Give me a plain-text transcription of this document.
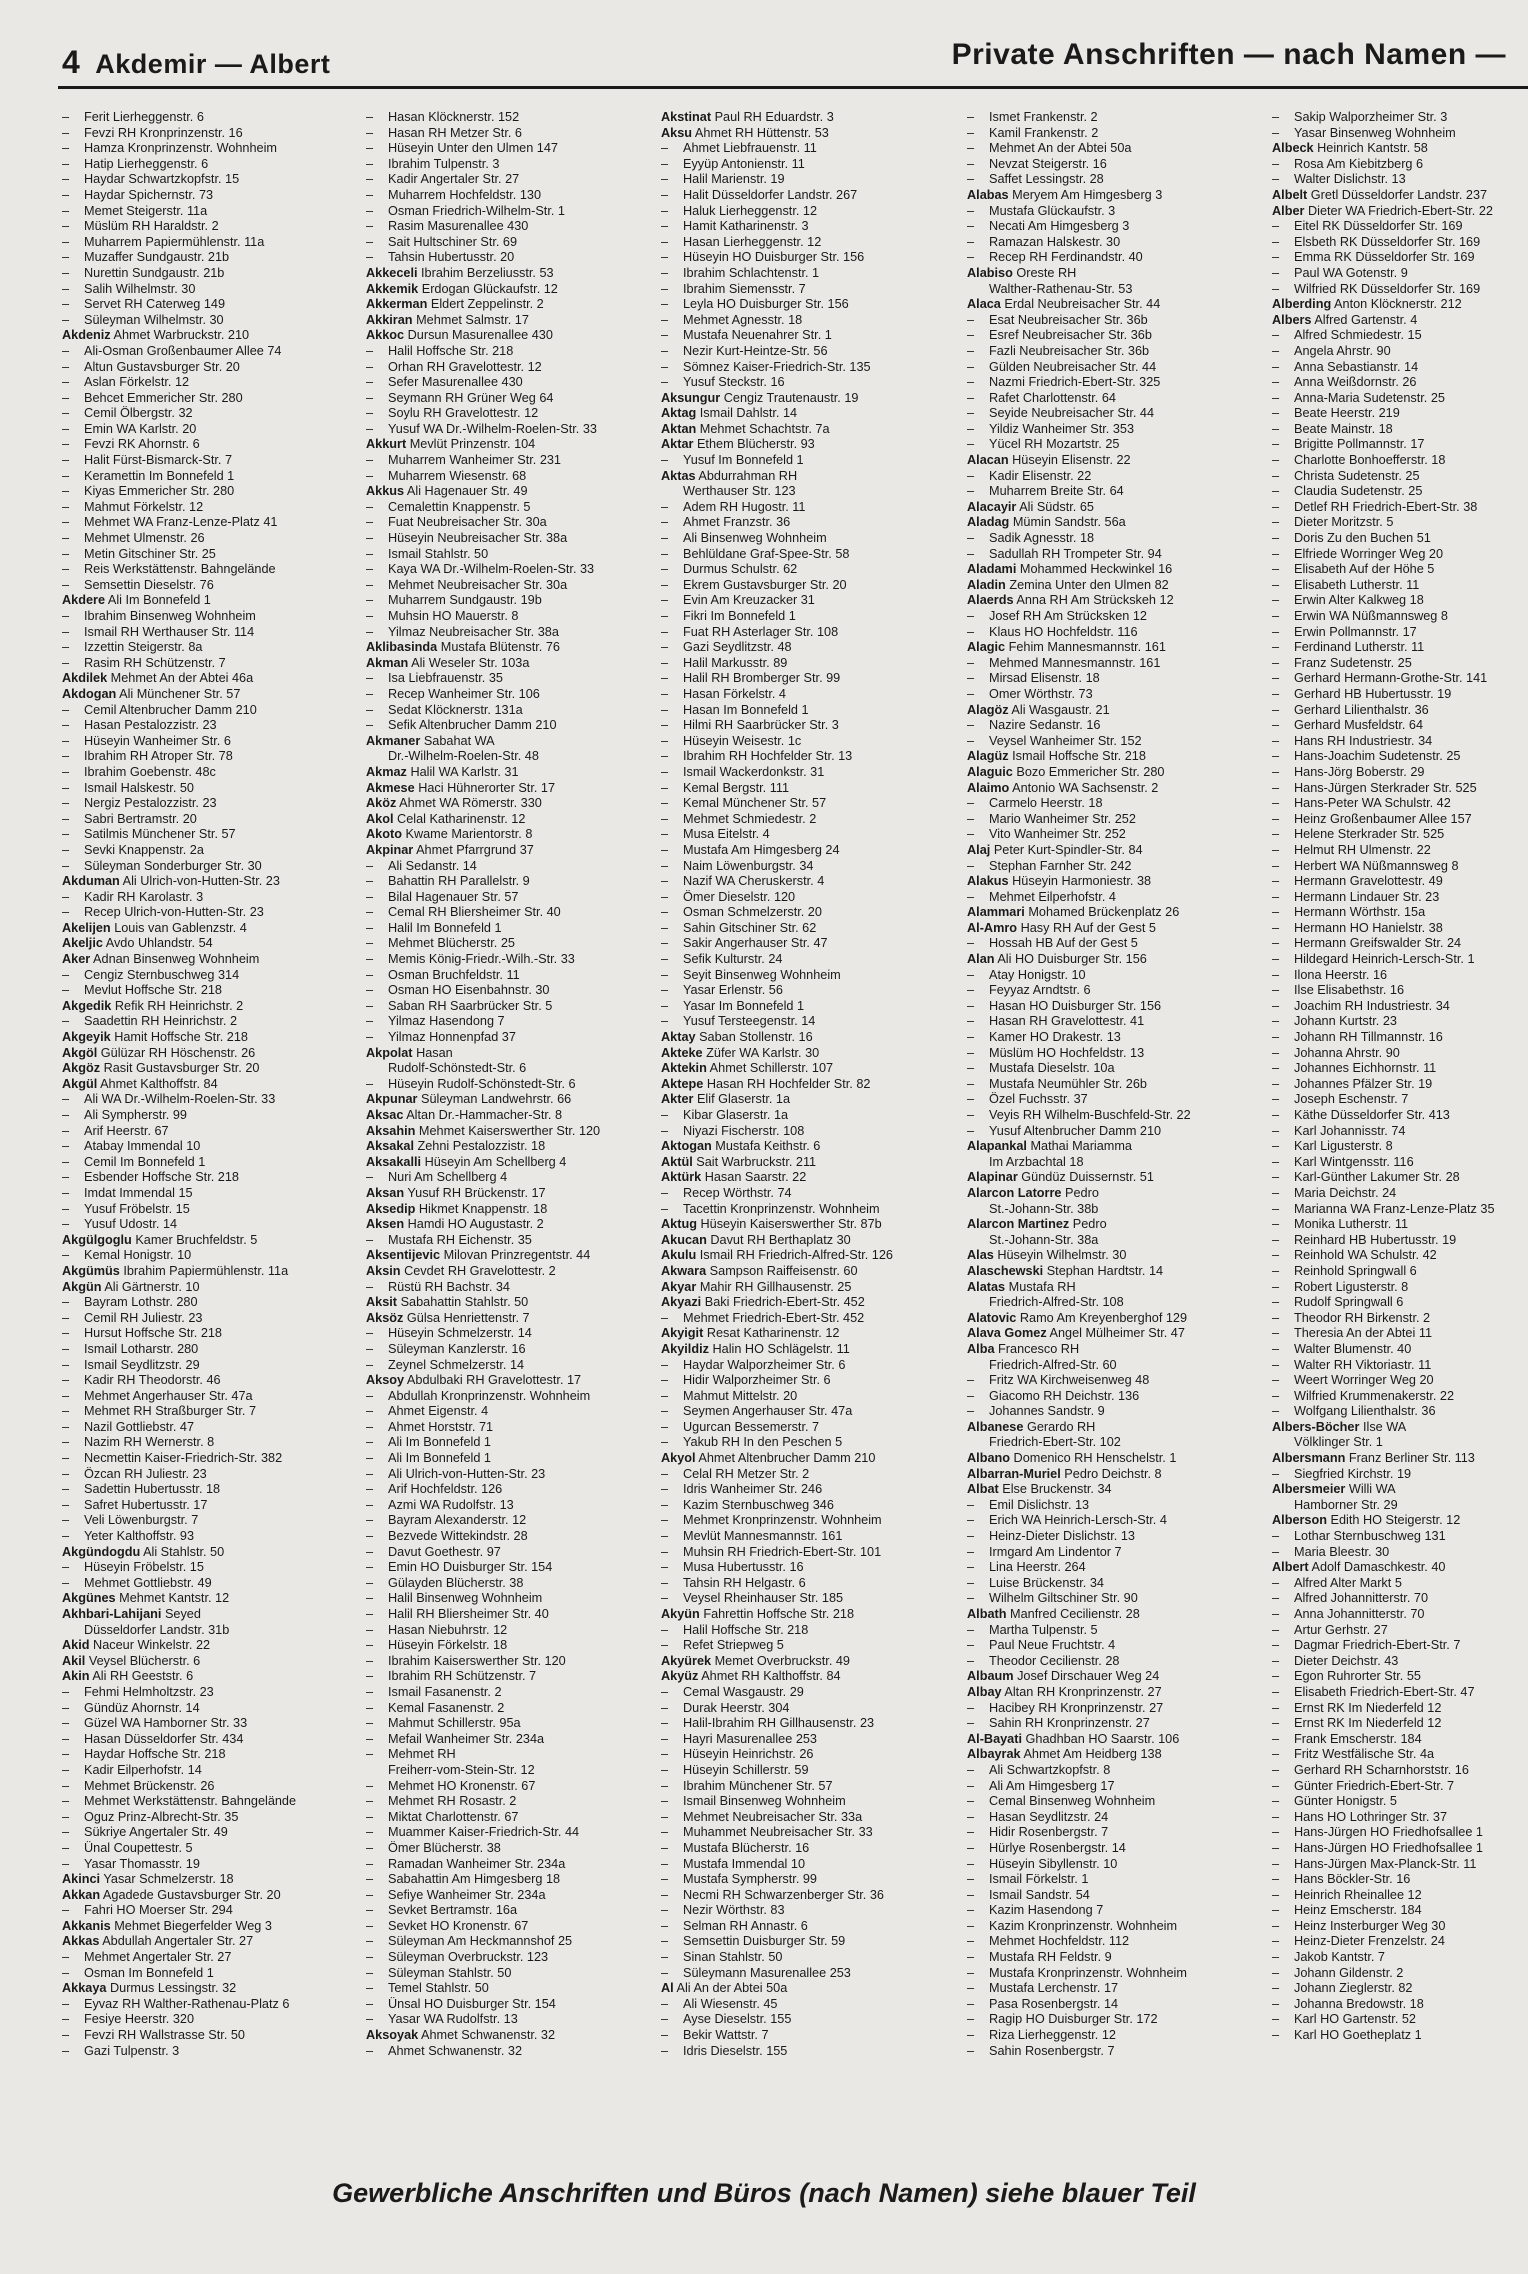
4 Akdemir — Albert	Private Anschriften — nach Namen —
– Ferit Lierheggenstr. 6
– Fevzi RH Kronprinzenstr. 16
– Hamza Kronprinzenstr. Wohnheim
– Hatip Lierheggenstr. 6
– Haydar Schwartzkopfstr. 15
– Haydar Spichernstr. 73
– Memet Steigerstr. 11a
– Müslüm RH Haraldstr. 2
– Muharrem Papiermühlenstr. 11a
– Muzaffer Sundgaustr. 21b
– Nurettin Sundgaustr. 21b
– Salih Wilhelmstr. 30
– Servet RH Caterweg 149
– Süleyman Wilhelmstr. 30
Akdeniz Ahmet Warbruckstr. 210
– Ali-Osman Großenbaumer Allee 74
– Altun Gustavsburger Str. 20
– Aslan Förkelstr. 12
– Behcet Emmericher Str. 280
– Cemil Ölbergstr. 32
– Emin WA Karlstr. 20
– Fevzi RK Ahornstr. 6
– Halit Fürst-Bismarck-Str. 7
– Keramettin Im Bonnefeld 1
– Kiyas Emmericher Str. 280
– Mahmut Förkelstr. 12
– Mehmet WA Franz-Lenze-Platz 41
– Mehmet Ulmenstr. 26
– Metin Gitschiner Str. 25
– Reis Werkstättenstr. Bahngelände
– Semsettin Dieselstr. 76
Akdere Ali Im Bonnefeld 1
– Ibrahim Binsenweg Wohnheim
– Ismail RH Werthauser Str. 114
– Izzettin Steigerstr. 8a
– Rasim RH Schützenstr. 7
Akdilek Mehmet An der Abtei 46a
Akdogan Ali Münchener Str. 57
– Cemil Altenbrucher Damm 210
– Hasan Pestalozzistr. 23
– Hüseyin Wanheimer Str. 6
– Ibrahim RH Atroper Str. 78
– Ibrahim Goebenstr. 48c
– Ismail Halskestr. 50
– Nergiz Pestalozzistr. 23
– Sabri Bertramstr. 20
– Satilmis Münchener Str. 57
– Sevki Knappenstr. 2a
– Süleyman Sonderburger Str. 30
Akduman Ali Ulrich-von-Hutten-Str. 23
– Kadir RH Karolastr. 3
– Recep Ulrich-von-Hutten-Str. 23
Akelijen Louis van Gablenzstr. 4
Akeljic Avdo Uhlandstr. 54
Aker Adnan Binsenweg Wohnheim
– Cengiz Sternbuschweg 314
– Mevlut Hoffsche Str. 218
Akgedik Refik RH Heinrichstr. 2
– Saadettin RH Heinrichstr. 2
Akgeyik Hamit Hoffsche Str. 218
Akgöl Gülüzar RH Höschenstr. 26
Akgöz Rasit Gustavsburger Str. 20
Akgül Ahmet Kalthoffstr. 84
– Ali WA Dr.-Wilhelm-Roelen-Str. 33
– Ali Sympherstr. 99
– Arif Heerstr. 67
– Atabay Immendal 10
– Cemil Im Bonnefeld 1
– Esbender Hoffsche Str. 218
– Imdat Immendal 15
– Yusuf Fröbelstr. 15
– Yusuf Udostr. 14
Akgülgoglu Kamer Bruchfeldstr. 5
– Kemal Honigstr. 10
Akgümüs Ibrahim Papiermühlenstr. 11a
Akgün Ali Gärtnerstr. 10
– Bayram Lothstr. 280
– Cemil RH Juliestr. 23
– Hursut Hoffsche Str. 218
– Ismail Lotharstr. 280
– Ismail Seydlitzstr. 29
– Kadir RH Theodorstr. 46
– Mehmet Angerhauser Str. 47a
– Mehmet RH Straßburger Str. 7
– Nazil Gottliebstr. 47
– Nazim RH Wernerstr. 8
– Necmettin Kaiser-Friedrich-Str. 382
– Özcan RH Juliestr. 23
– Sadettin Hubertusstr. 18
– Safret Hubertusstr. 17
– Veli Löwenburgstr. 7
– Yeter Kalthoffstr. 93
Akgündogdu Ali Stahlstr. 50
– Hüseyin Fröbelstr. 15
– Mehmet Gottliebstr. 49
Akgünes Mehmet Kantstr. 12
Akhbari-Lahijani Seyed
Düsseldorfer Landstr. 31b
Akid Naceur Winkelstr. 22
Akil Veysel Blücherstr. 6
Akin Ali RH Geeststr. 6
– Fehmi Helmholtzstr. 23
– Gündüz Ahornstr. 14
– Güzel WA Hamborner Str. 33
– Hasan Düsseldorfer Str. 434
– Haydar Hoffsche Str. 218
– Kadir Eilperhofstr. 14
– Mehmet Brückenstr. 26
– Mehmet Werkstättenstr. Bahngelände
– Oguz Prinz-Albrecht-Str. 35
– Sükriye Angertaler Str. 49
– Ünal Coupettestr. 5
– Yasar Thomasstr. 19
Akinci Yasar Schmelzerstr. 18
Akkan Agadede Gustavsburger Str. 20
– Fahri HO Moerser Str. 294
Akkanis Mehmet Biegerfelder Weg 3
Akkas Abdullah Angertaler Str. 27
– Mehmet Angertaler Str. 27
– Osman Im Bonnefeld 1
Akkaya Durmus Lessingstr. 32
– Eyvaz RH Walther-Rathenau-Platz 6
– Fesiye Heerstr. 320
– Fevzi RH Wallstrasse Str. 50
– Gazi Tulpenstr. 3
– Hasan Klöcknerstr. 152
– Hasan RH Metzer Str. 6
– Hüseyin Unter den Ulmen 147
– Ibrahim Tulpenstr. 3
– Kadir Angertaler Str. 27
– Muharrem Hochfeldstr. 130
– Osman Friedrich-Wilhelm-Str. 1
– Rasim Masurenallee 430
– Sait Hultschiner Str. 69
– Tahsin Hubertusstr. 20
Akkeceli Ibrahim Berzeliusstr. 53
Akkemik Erdogan Glückaufstr. 12
Akkerman Eldert Zeppelinstr. 2
Akkiran Mehmet Salmstr. 17
Akkoc Dursun Masurenallee 430
– Halil Hoffsche Str. 218
– Orhan RH Gravelottestr. 12
– Sefer Masurenallee 430
– Seymann RH Grüner Weg 64
– Soylu RH Gravelottestr. 12
– Yusuf WA Dr.-Wilhelm-Roelen-Str. 33
Akkurt Mevlüt Prinzenstr. 104
– Muharrem Wanheimer Str. 231
– Muharrem Wiesenstr. 68
Akkus Ali Hagenauer Str. 49
– Cemalettin Knappenstr. 5
– Fuat Neubreisacher Str. 30a
– Hüseyin Neubreisacher Str. 38a
– Ismail Stahlstr. 50
– Kaya WA Dr.-Wilhelm-Roelen-Str. 33
– Mehmet Neubreisacher Str. 30a
– Muharrem Sundgaustr. 19b
– Muhsin HO Mauerstr. 8
– Yilmaz Neubreisacher Str. 38a
Aklibasinda Mustafa Blütenstr. 76
Akman Ali Weseler Str. 103a
– Isa Liebfrauenstr. 35
– Recep Wanheimer Str. 106
– Sedat Klöcknerstr. 131a
– Sefik Altenbrucher Damm 210
Akmaner Sabahat WA
Dr.-Wilhelm-Roelen-Str. 48
Akmaz Halil WA Karlstr. 31
Akmese Haci Hühnerorter Str. 17
Aköz Ahmet WA Römerstr. 330
Akol Celal Katharinenstr. 12
Akoto Kwame Marientorstr. 8
Akpinar Ahmet Pfarrgrund 37
– Ali Sedanstr. 14
– Bahattin RH Parallelstr. 9
– Bilal Hagenauer Str. 57
– Cemal RH Bliersheimer Str. 40
– Halil Im Bonnefeld 1
– Mehmet Blücherstr. 25
– Memis König-Friedr.-Wilh.-Str. 33
– Osman Bruchfeldstr. 11
– Osman HO Eisenbahnstr. 30
– Saban RH Saarbrücker Str. 5
– Yilmaz Hasendong 7
– Yilmaz Honnenpfad 37
Akpolat Hasan
Rudolf-Schönstedt-Str. 6
– Hüseyin Rudolf-Schönstedt-Str. 6
Akpunar Süleyman Landwehrstr. 66
Aksac Altan Dr.-Hammacher-Str. 8
Aksahin Mehmet Kaiserswerther Str. 120
Aksakal Zehni Pestalozzistr. 18
Aksakalli Hüseyin Am Schellberg 4
– Nuri Am Schellberg 4
Aksan Yusuf RH Brückenstr. 17
Aksedip Hikmet Knappenstr. 18
Aksen Hamdi HO Augustastr. 2
– Mustafa RH Eichenstr. 35
Aksentijevic Milovan Prinzregentstr. 44
Aksin Cevdet RH Gravelottestr. 2
– Rüstü RH Bachstr. 34
Aksit Sabahattin Stahlstr. 50
Aksöz Gülsa Henriettenstr. 7
– Hüseyin Schmelzerstr. 14
– Süleyman Kanzlerstr. 16
– Zeynel Schmelzerstr. 14
Aksoy Abdulbaki RH Gravelottestr. 17
– Abdullah Kronprinzenstr. Wohnheim
– Ahmet Eigenstr. 4
– Ahmet Horststr. 71
– Ali Im Bonnefeld 1
– Ali Im Bonnefeld 1
– Ali Ulrich-von-Hutten-Str. 23
– Arif Hochfeldstr. 126
– Azmi WA Rudolfstr. 13
– Bayram Alexanderstr. 12
– Bezvede Wittekindstr. 28
– Davut Goethestr. 97
– Emin HO Duisburger Str. 154
– Gülayden Blücherstr. 38
– Halil Binsenweg Wohnheim
– Halil RH Bliersheimer Str. 40
– Hasan Niebuhrstr. 12
– Hüseyin Förkelstr. 18
– Ibrahim Kaiserswerther Str. 120
– Ibrahim RH Schützenstr. 7
– Ismail Fasanenstr. 2
– Kemal Fasanenstr. 2
– Mahmut Schillerstr. 95a
– Mefail Wanheimer Str. 234a
– Mehmet RH
Freiherr-vom-Stein-Str. 12
– Mehmet HO Kronenstr. 67
– Mehmet RH Rosastr. 2
– Miktat Charlottenstr. 67
– Muammer Kaiser-Friedrich-Str. 44
– Ömer Blücherstr. 38
– Ramadan Wanheimer Str. 234a
– Sabahattin Am Himgesberg 18
– Sefiye Wanheimer Str. 234a
– Sevket Bertramstr. 16a
– Sevket HO Kronenstr. 67
– Süleyman Am Heckmannshof 25
– Süleyman Overbruckstr. 123
– Süleyman Stahlstr. 50
– Temel Stahlstr. 50
– Ünsal HO Duisburger Str. 154
– Yasar WA Rudolfstr. 13
Aksoyak Ahmet Schwanenstr. 32
– Ahmet Schwanenstr. 32
Akstinat Paul RH Eduardstr. 3
Aksu Ahmet RH Hüttenstr. 53
– Ahmet Liebfrauenstr. 11
– Eyyüp Antonienstr. 11
– Halil Marienstr. 19
– Halit Düsseldorfer Landstr. 267
– Haluk Lierheggenstr. 12
– Hamit Katharinenstr. 3
– Hasan Lierheggenstr. 12
– Hüseyin HO Duisburger Str. 156
– Ibrahim Schlachtenstr. 1
– Ibrahim Siemensstr. 7
– Leyla HO Duisburger Str. 156
– Mehmet Agnesstr. 18
– Mustafa Neuenahrer Str. 1
– Nezir Kurt-Heintze-Str. 56
– Sömnez Kaiser-Friedrich-Str. 135
– Yusuf Steckstr. 16
Aksungur Cengiz Trautenaustr. 19
Aktag Ismail Dahlstr. 14
Aktan Mehmet Schachtstr. 7a
Aktar Ethem Blücherstr. 93
– Yusuf Im Bonnefeld 1
Aktas Abdurrahman RH
Werthauser Str. 123
– Adem RH Hugostr. 11
– Ahmet Franzstr. 36
– Ali Binsenweg Wohnheim
– Behlüldane Graf-Spee-Str. 58
– Durmus Schulstr. 62
– Ekrem Gustavsburger Str. 20
– Evin Am Kreuzacker 31
– Fikri Im Bonnefeld 1
– Fuat RH Asterlager Str. 108
– Gazi Seydlitzstr. 48
– Halil Markusstr. 89
– Halil RH Bromberger Str. 99
– Hasan Förkelstr. 4
– Hasan Im Bonnefeld 1
– Hilmi RH Saarbrücker Str. 3
– Hüseyin Weisestr. 1c
– Ibrahim RH Hochfelder Str. 13
– Ismail Wackerdonkstr. 31
– Kemal Bergstr. 111
– Kemal Münchener Str. 57
– Mehmet Schmiedestr. 2
– Musa Eitelstr. 4
– Mustafa Am Himgesberg 24
– Naim Löwenburgstr. 34
– Nazif WA Cheruskerstr. 4
– Ömer Dieselstr. 120
– Osman Schmelzerstr. 20
– Sahin Gitschiner Str. 62
– Sakir Angerhauser Str. 47
– Sefik Kulturstr. 24
– Seyit Binsenweg Wohnheim
– Yasar Erlenstr. 56
– Yasar Im Bonnefeld 1
– Yusuf Tersteegenstr. 14
Aktay Saban Stollenstr. 16
Akteke Züfer WA Karlstr. 30
Aktekin Ahmet Schillerstr. 107
Aktepe Hasan RH Hochfelder Str. 82
Akter Elif Glaserstr. 1a
– Kibar Glaserstr. 1a
– Niyazi Fischerstr. 108
Aktogan Mustafa Keithstr. 6
Aktül Sait Warbruckstr. 211
Aktürk Hasan Saarstr. 22
– Recep Wörthstr. 74
– Tacettin Kronprinzenstr. Wohnheim
Aktug Hüseyin Kaiserswerther Str. 87b
Akucan Davut RH Berthaplatz 30
Akulu Ismail RH Friedrich-Alfred-Str. 126
Akwara Sampson Raiffeisenstr. 60
Akyar Mahir RH Gillhausenstr. 25
Akyazi Baki Friedrich-Ebert-Str. 452
– Mehmet Friedrich-Ebert-Str. 452
Akyigit Resat Katharinenstr. 12
Akyildiz Halin HO Schlägelstr. 11
– Haydar Walporzheimer Str. 6
– Hidir Walporzheimer Str. 6
– Mahmut Mittelstr. 20
– Seymen Angerhauser Str. 47a
– Ugurcan Bessemerstr. 7
– Yakub RH In den Peschen 5
Akyol Ahmet Altenbrucher Damm 210
– Celal RH Metzer Str. 2
– Idris Wanheimer Str. 246
– Kazim Sternbuschweg 346
– Mehmet Kronprinzenstr. Wohnheim
– Mevlüt Mannesmannstr. 161
– Muhsin RH Friedrich-Ebert-Str. 101
– Musa Hubertusstr. 16
– Tahsin RH Helgastr. 6
– Veysel Rheinhauser Str. 185
Akyün Fahrettin Hoffsche Str. 218
– Halil Hoffsche Str. 218
– Refet Striepweg 5
Akyürek Memet Overbruckstr. 49
Akyüz Ahmet RH Kalthoffstr. 84
– Cemal Wasgaustr. 29
– Durak Heerstr. 304
– Halil-Ibrahim RH Gillhausenstr. 23
– Hayri Masurenallee 253
– Hüseyin Heinrichstr. 26
– Hüseyin Schillerstr. 59
– Ibrahim Münchener Str. 57
– Ismail Binsenweg Wohnheim
– Mehmet Neubreisacher Str. 33a
– Muhammet Neubreisacher Str. 33
– Mustafa Blücherstr. 16
– Mustafa Immendal 10
– Mustafa Sympherstr. 99
– Necmi RH Schwarzenberger Str. 36
– Nezir Wörthstr. 83
– Selman RH Annastr. 6
– Semsettin Duisburger Str. 59
– Sinan Stahlstr. 50
– Süleymann Masurenallee 253
Al Ali An der Abtei 50a
– Ali Wiesenstr. 45
– Ayse Dieselstr. 155
– Bekir Wattstr. 7
– Idris Dieselstr. 155
– Ismet Frankenstr. 2
– Kamil Frankenstr. 2
– Mehmet An der Abtei 50a
– Nevzat Steigerstr. 16
– Saffet Lessingstr. 28
Alabas Meryem Am Himgesberg 3
– Mustafa Glückaufstr. 3
– Necati Am Himgesberg 3
– Ramazan Halskestr. 30
– Recep RH Ferdinandstr. 40
Alabiso Oreste RH
Walther-Rathenau-Str. 53
Alaca Erdal Neubreisacher Str. 44
– Esat Neubreisacher Str. 36b
– Esref Neubreisacher Str. 36b
– Fazli Neubreisacher Str. 36b
– Gülden Neubreisacher Str. 44
– Nazmi Friedrich-Ebert-Str. 325
– Rafet Charlottenstr. 64
– Seyide Neubreisacher Str. 44
– Yildiz Wanheimer Str. 353
– Yücel RH Mozartstr. 25
Alacan Hüseyin Elisenstr. 22
– Kadir Elisenstr. 22
– Muharrem Breite Str. 64
Alacayir Ali Südstr. 65
Aladag Mümin Sandstr. 56a
– Sadik Agnesstr. 18
– Sadullah RH Trompeter Str. 94
Aladami Mohammed Heckwinkel 16
Aladin Zemina Unter den Ulmen 82
Alaerds Anna RH Am Strückskeh 12
– Josef RH Am Strücksken 12
– Klaus HO Hochfeldstr. 116
Alagic Fehim Mannesmannstr. 161
– Mehmed Mannesmannstr. 161
– Mirsad Elisenstr. 18
– Omer Wörthstr. 73
Alagöz Ali Wasgaustr. 21
– Nazire Sedanstr. 16
– Veysel Wanheimer Str. 152
Alagüz Ismail Hoffsche Str. 218
Alaguic Bozo Emmericher Str. 280
Alaimo Antonio WA Sachsenstr. 2
– Carmelo Heerstr. 18
– Mario Wanheimer Str. 252
– Vito Wanheimer Str. 252
Alaj Peter Kurt-Spindler-Str. 84
– Stephan Farnher Str. 242
Alakus Hüseyin Harmoniestr. 38
– Mehmet Eilperhofstr. 4
Alammari Mohamed Brückenplatz 26
Al-Amro Hasy RH Auf der Gest 5
– Hossah HB Auf der Gest 5
Alan Ali HO Duisburger Str. 156
– Atay Honigstr. 10
– Feyyaz Arndtstr. 6
– Hasan HO Duisburger Str. 156
– Hasan RH Gravelottestr. 41
– Kamer HO Drakestr. 13
– Müslüm HO Hochfeldstr. 13
– Mustafa Dieselstr. 10a
– Mustafa Neumühler Str. 26b
– Özel Fuchsstr. 37
– Veyis RH Wilhelm-Buschfeld-Str. 22
– Yusuf Altenbrucher Damm 210
Alapankal Mathai Mariamma
Im Arzbachtal 18
Alapinar Gündüz Duissernstr. 51
Alarcon Latorre Pedro
St.-Johann-Str. 38b
Alarcon Martinez Pedro
St.-Johann-Str. 38a
Alas Hüseyin Wilhelmstr. 30
Alaschewski Stephan Hardtstr. 14
Alatas Mustafa RH
Friedrich-Alfred-Str. 108
Alatovic Ramo Am Kreyenberghof 129
Alava Gomez Angel Mülheimer Str. 47
Alba Francesco RH
Friedrich-Alfred-Str. 60
– Fritz WA Kirchweisenweg 48
– Giacomo RH Deichstr. 136
– Johannes Sandstr. 9
Albanese Gerardo RH
Friedrich-Ebert-Str. 102
Albano Domenico RH Henschelstr. 1
Albarran-Muriel Pedro Deichstr. 8
Albat Else Bruckenstr. 34
– Emil Dislichstr. 13
– Erich WA Heinrich-Lersch-Str. 4
– Heinz-Dieter Dislichstr. 13
– Irmgard Am Lindentor 7
– Lina Heerstr. 264
– Luise Brückenstr. 34
– Wilhelm Giltschiner Str. 90
Albath Manfred Cecilienstr. 28
– Martha Tulpenstr. 5
– Paul Neue Fruchtstr. 4
– Theodor Cecilienstr. 28
Albaum Josef Dirschauer Weg 24
Albay Altan RH Kronprinzenstr. 27
– Hacibey RH Kronprinzenstr. 27
– Sahin RH Kronprinzenstr. 27
Al-Bayati Ghadhban HO Saarstr. 106
Albayrak Ahmet Am Heidberg 138
– Ali Schwartzkopfstr. 8
– Ali Am Himgesberg 17
– Cemal Binsenweg Wohnheim
– Hasan Seydlitzstr. 24
– Hidir Rosenbergstr. 7
– Hürlye Rosenbergstr. 14
– Hüseyin Sibyllenstr. 10
– Ismail Förkelstr. 1
– Ismail Sandstr. 54
– Kazim Hasendong 7
– Kazim Kronprinzenstr. Wohnheim
– Mehmet Hochfeldstr. 112
– Mustafa RH Feldstr. 9
– Mustafa Kronprinzenstr. Wohnheim
– Mustafa Lerchenstr. 17
– Pasa Rosenbergstr. 14
– Ragip HO Duisburger Str. 172
– Riza Lierheggenstr. 12
– Sahin Rosenbergstr. 7
– Sakip Walporzheimer Str. 3
– Yasar Binsenweg Wohnheim
Albeck Heinrich Kantstr. 58
– Rosa Am Kiebitzberg 6
– Walter Dislichstr. 13
Albelt Gretl Düsseldorfer Landstr. 237
Alber Dieter WA Friedrich-Ebert-Str. 22
– Eitel RK Düsseldorfer Str. 169
– Elsbeth RK Düsseldorfer Str. 169
– Emma RK Düsseldorfer Str. 169
– Paul WA Gotenstr. 9
– Wilfried RK Düsseldorfer Str. 169
Alberding Anton Klöcknerstr. 212
Albers Alfred Gartenstr. 4
– Alfred Schmiedestr. 15
– Angela Ahrstr. 90
– Anna Sebastianstr. 14
– Anna Weißdornstr. 26
– Anna-Maria Sudetenstr. 25
– Beate Heerstr. 219
– Beate Mainstr. 18
– Brigitte Pollmannstr. 17
– Charlotte Bonhoefferstr. 18
– Christa Sudetenstr. 25
– Claudia Sudetenstr. 25
– Detlef RH Friedrich-Ebert-Str. 38
– Dieter Moritzstr. 5
– Doris Zu den Buchen 51
– Elfriede Worringer Weg 20
– Elisabeth Auf der Höhe 5
– Elisabeth Lutherstr. 11
– Erwin Alter Kalkweg 18
– Erwin WA Nüßmannsweg 8
– Erwin Pollmannstr. 17
– Ferdinand Lutherstr. 11
– Franz Sudetenstr. 25
– Gerhard Hermann-Grothe-Str. 141
– Gerhard HB Hubertusstr. 19
– Gerhard Lilienthalstr. 36
– Gerhard Musfeldstr. 64
– Hans RH Industriestr. 34
– Hans-Joachim Sudetenstr. 25
– Hans-Jörg Boberstr. 29
– Hans-Jürgen Sterkrader Str. 525
– Hans-Peter WA Schulstr. 42
– Heinz Großenbaumer Allee 157
– Helene Sterkrader Str. 525
– Helmut RH Ulmenstr. 22
– Herbert WA Nüßmannsweg 8
– Hermann Gravelottestr. 49
– Hermann Lindauer Str. 23
– Hermann Wörthstr. 15a
– Hermann HO Hanielstr. 38
– Hermann Greifswalder Str. 24
– Hildegard Heinrich-Lersch-Str. 1
– Ilona Heerstr. 16
– Ilse Elisabethstr. 16
– Joachim RH Industriestr. 34
– Johann Kurtstr. 23
– Johann RH Tillmannstr. 16
– Johanna Ahrstr. 90
– Johannes Eichhornstr. 11
– Johannes Pfälzer Str. 19
– Joseph Eschenstr. 7
– Käthe Düsseldorfer Str. 413
– Karl Johannisstr. 74
– Karl Ligusterstr. 8
– Karl Wintgensstr. 116
– Karl-Günther Lakumer Str. 28
– Maria Deichstr. 24
– Marianna WA Franz-Lenze-Platz 35
– Monika Lutherstr. 11
– Reinhard HB Hubertusstr. 19
– Reinhold WA Schulstr. 42
– Reinhold Springwall 6
– Robert Ligusterstr. 8
– Rudolf Springwall 6
– Theodor RH Birkenstr. 2
– Theresia An der Abtei 11
– Walter Blumenstr. 40
– Walter RH Viktoriastr. 11
– Weert Worringer Weg 20
– Wilfried Krummenakerstr. 22
– Wolfgang Lilienthalstr. 36
Albers-Böcher Ilse WA
Völklinger Str. 1
Albersmann Franz Berliner Str. 113
– Siegfried Kirchstr. 19
Albersmeier Willi WA
Hamborner Str. 29
Alberson Edith HO Steigerstr. 12
– Lothar Sternbuschweg 131
– Maria Bleestr. 30
Albert Adolf Damaschkestr. 40
– Alfred Alter Markt 5
– Alfred Johannitterstr. 70
– Anna Johannitterstr. 70
– Artur Gerhstr. 27
– Dagmar Friedrich-Ebert-Str. 7
– Dieter Deichstr. 43
– Egon Ruhrorter Str. 55
– Elisabeth Friedrich-Ebert-Str. 47
– Ernst RK Im Niederfeld 12
– Ernst RK Im Niederfeld 12
– Frank Emscherstr. 184
– Fritz Westfälische Str. 4a
– Gerhard RH Scharnhorststr. 16
– Günter Friedrich-Ebert-Str. 7
– Günter Honigstr. 5
– Hans HO Lothringer Str. 37
– Hans-Jürgen HO Friedhofsallee 1
– Hans-Jürgen HO Friedhofsallee 1
– Hans-Jürgen Max-Planck-Str. 11
– Hans Böckler-Str. 16
– Heinrich Rheinallee 12
– Heinz Emscherstr. 184
– Heinz Insterburger Weg 30
– Heinz-Dieter Frenzelstr. 24
– Jakob Kantstr. 7
– Johann Gildenstr. 2
– Johann Zieglerstr. 82
– Johanna Bredowstr. 18
– Karl HO Gartenstr. 52
– Karl HO Goetheplatz 1
Gewerbliche Anschriften und Büros (nach Namen) siehe blauer Teil
